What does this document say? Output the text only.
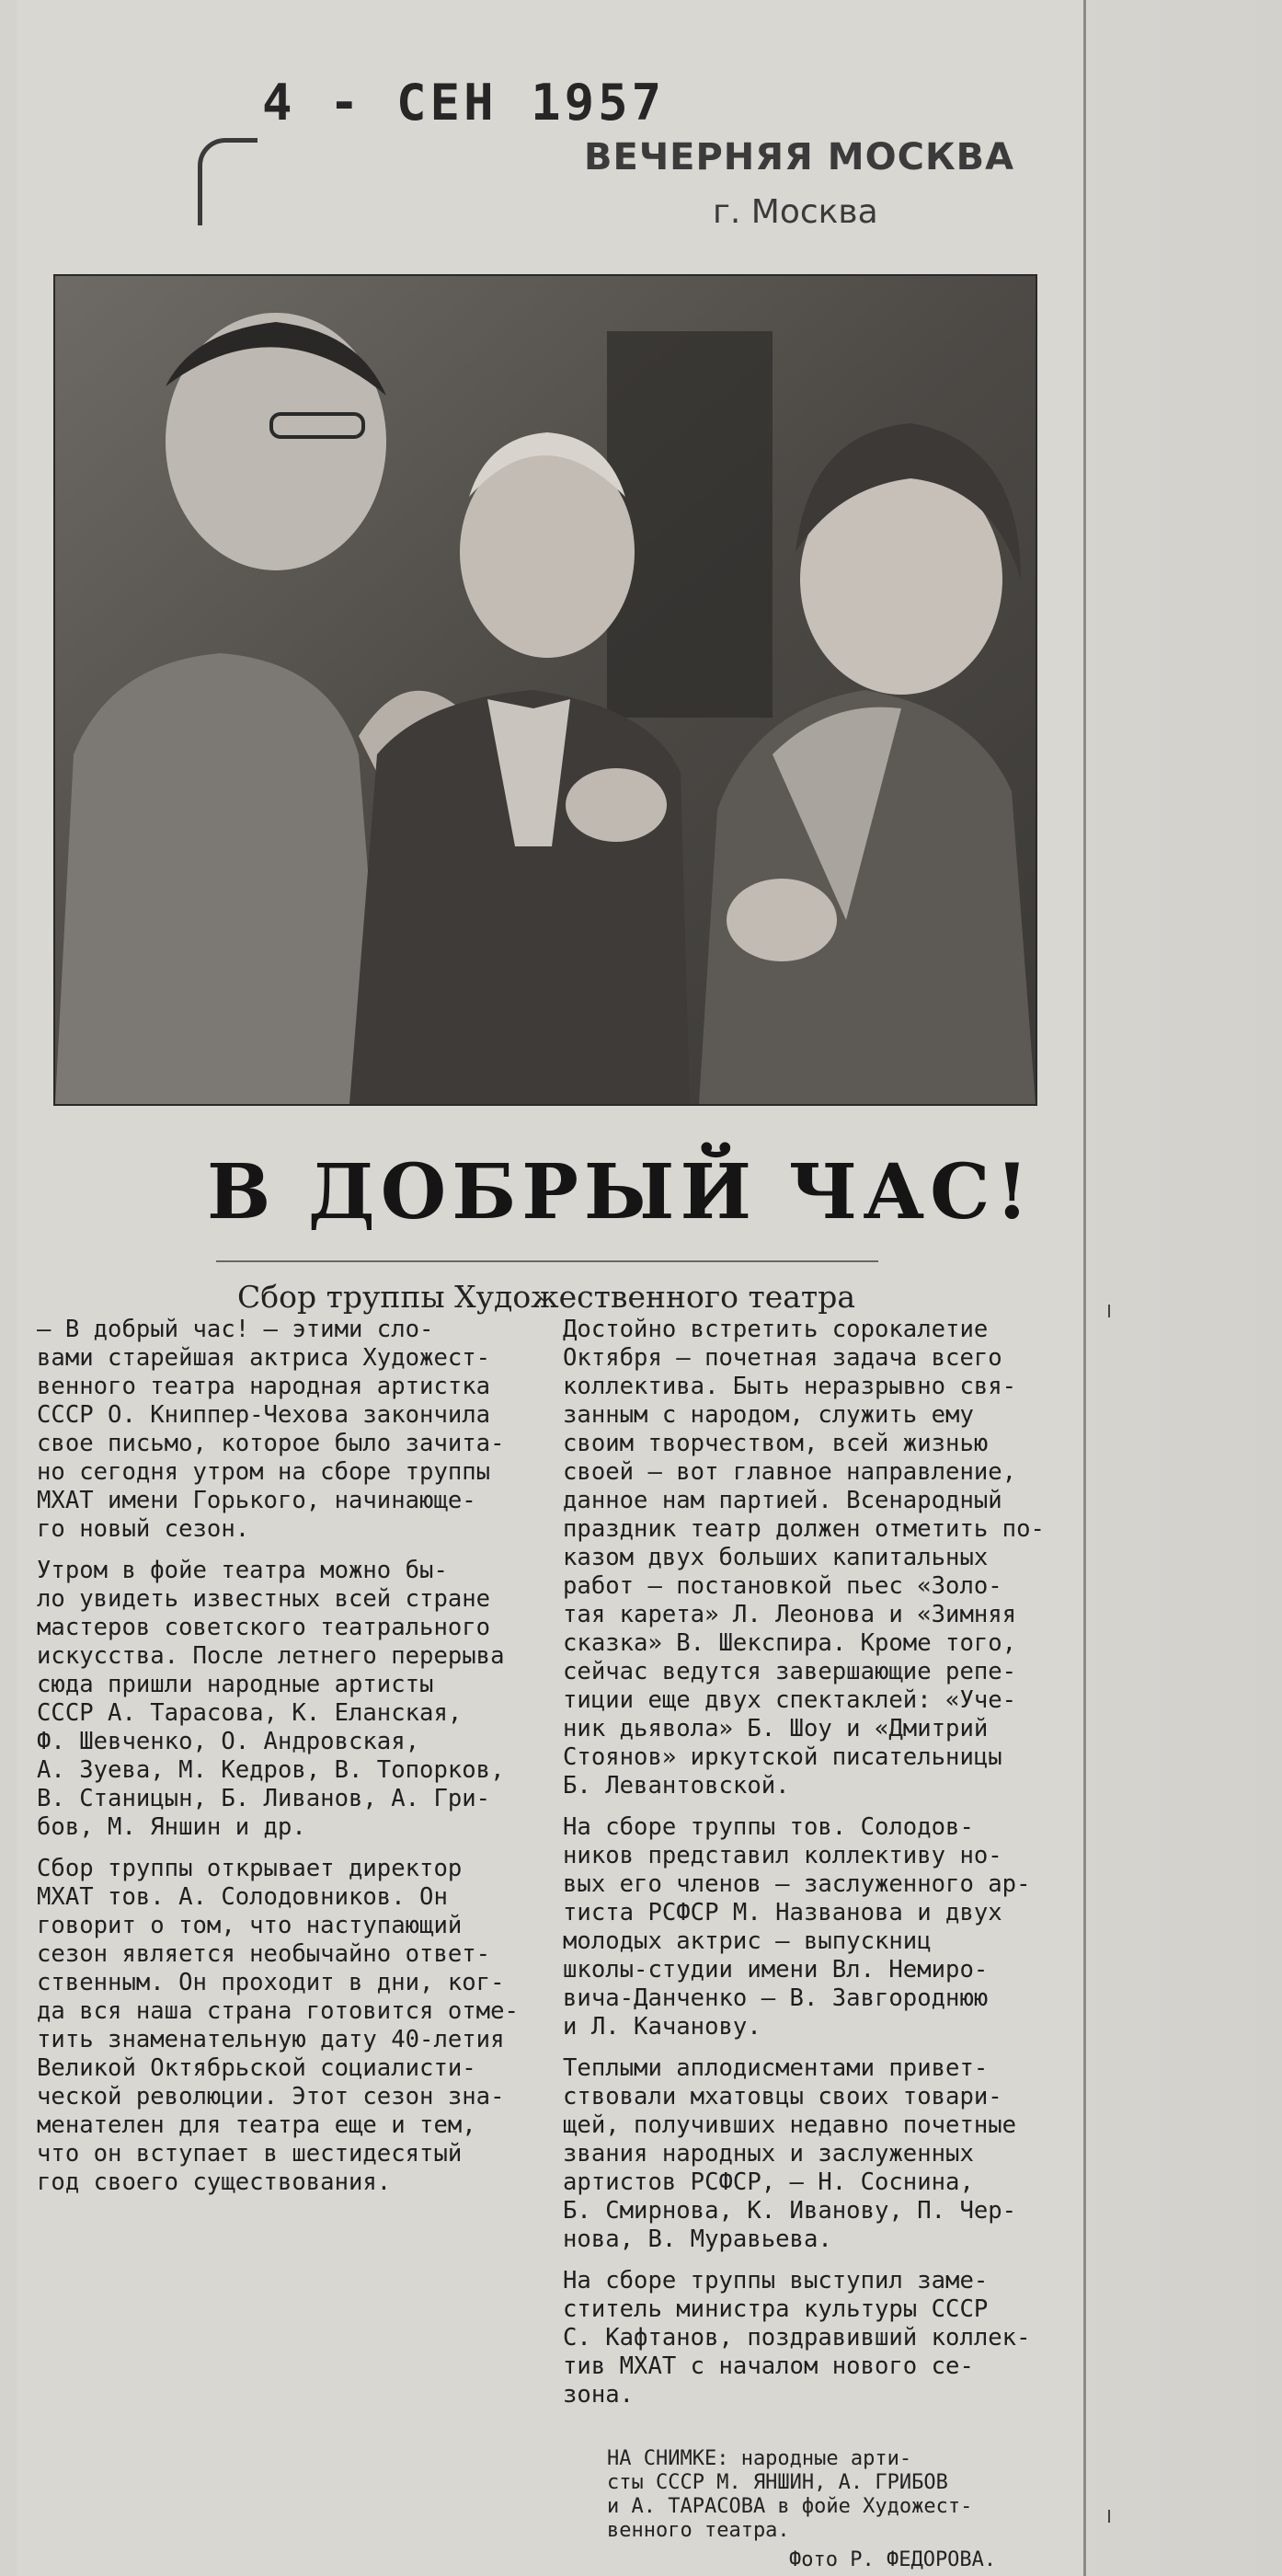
4 - СЕН 1957
ВЕЧЕРНЯЯ МОСКВА
г. Москва
В ДОБРЫЙ ЧАС!
Сбор труппы Художественного театра

— В добрый час! — этими сло-
вами старейшая актриса Художест-
венного театра народная артистка
СССР О. Книппер-Чехова закончила
свое письмо, которое было зачита-
но сегодня утром на сборе труппы
МХАТ имени Горького, начинающе-
го новый сезон.

Утром в фойе театра можно бы-
ло увидеть известных всей стране
мастеров советского театрального
искусства. После летнего перерыва
сюда пришли народные артисты
СССР А. Тарасова, К. Еланская,
Ф. Шевченко, О. Андровская,
А. Зуева, М. Кедров, В. Топорков,
В. Станицын, Б. Ливанов, А. Гри-
бов, М. Яншин и др.

Сбор труппы открывает директор
МХАТ тов. А. Солодовников. Он
говорит о том, что наступающий
сезон является необычайно ответ-
ственным. Он проходит в дни, ког-
да вся наша страна готовится отме-
тить знаменательную дату 40-летия
Великой Октябрьской социалисти-
ческой революции. Этот сезон зна-
менателен для театра еще и тем,
что он вступает в шестидесятый
год своего существования.

Достойно встретить сорокалетие
Октября — почетная задача всего
коллектива. Быть неразрывно свя-
занным с народом, служить ему
своим творчеством, всей жизнью
своей — вот главное направление,
данное нам партией. Всенародный
праздник театр должен отметить по-
казом двух больших капитальных
работ — постановкой пьес «Золо-
тая карета» Л. Леонова и «Зимняя
сказка» В. Шекспира. Кроме того,
сейчас ведутся завершающие репе-
тиции еще двух спектаклей: «Уче-
ник дьявола» Б. Шоу и «Дмитрий
Стоянов» иркутской писательницы
Б. Левантовской.

На сборе труппы тов. Солодов-
ников представил коллективу но-
вых его членов — заслуженного ар-
тиста РСФСР М. Названова и двух
молодых актрис — выпускниц
школы-студии имени Вл. Немиро-
вича-Данченко — В. Завгороднюю
и Л. Качанову.

Теплыми аплодисментами привет-
ствовали мхатовцы своих товари-
щей, получивших недавно почетные
звания народных и заслуженных
артистов РСФСР, — Н. Соснина,
Б. Смирнова, К. Иванову, П. Чер-
нова, В. Муравьева.

На сборе труппы выступил заме-
ститель министра культуры СССР
С. Кафтанов, поздравивший коллек-
тив МХАТ с началом нового се-
зона.

НА СНИМКЕ: народные арти-
сты СССР М. ЯНШИН, А. ГРИБОВ
и А. ТАРАСОВА в фойе Художест-
венного театра.

Фото Р. ФЕДОРОВА.
